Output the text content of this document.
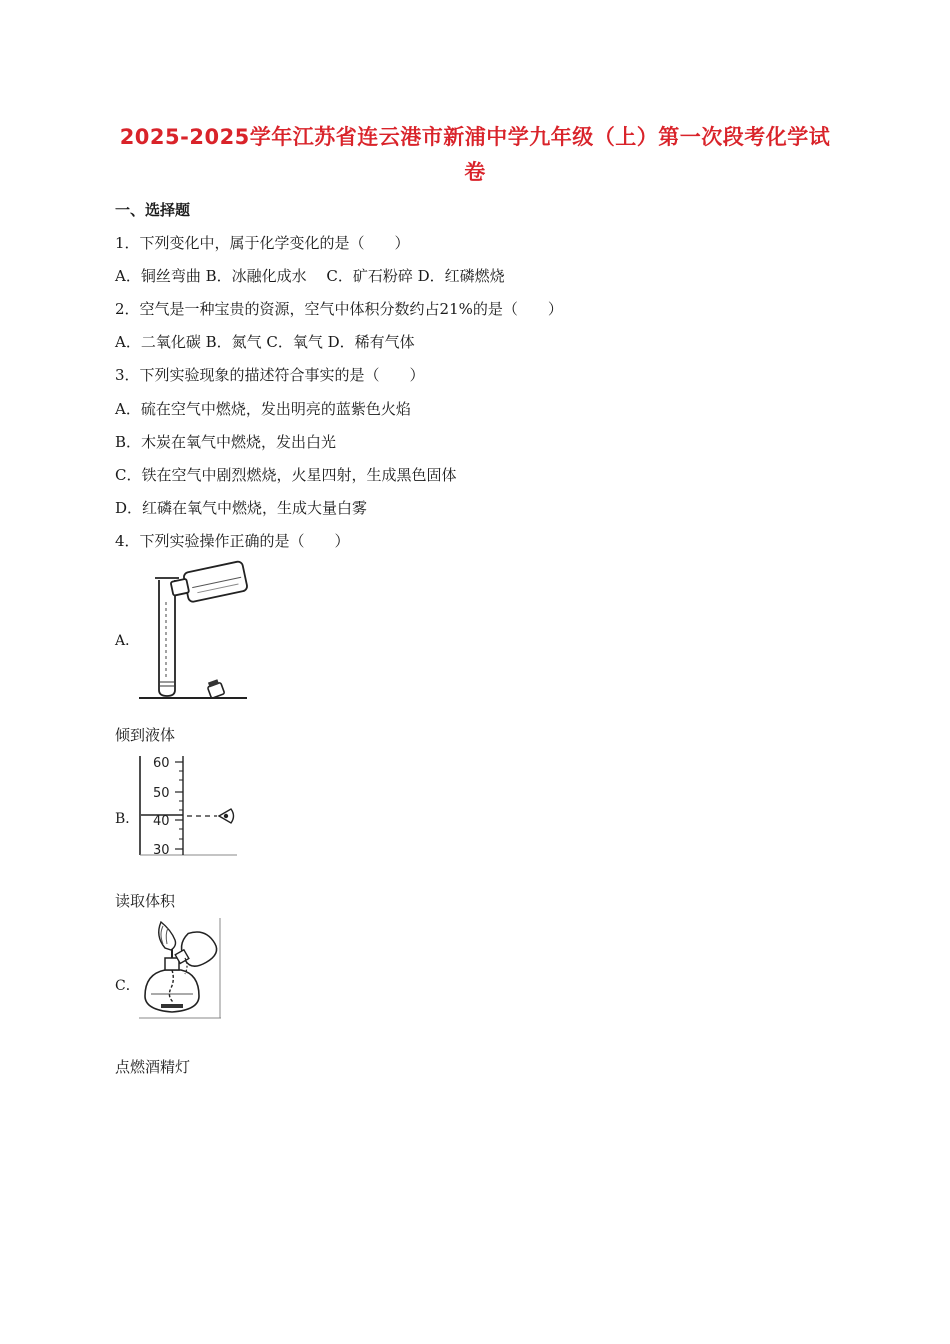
2025-2025学年江苏省连云港市新浦中学九年级（上）第一次段考化学试卷
一、选择题
1．下列变化中，属于化学变化的是（　　）
A．铜丝弯曲 B．冰融化成水　 C．矿石粉碎 D．红磷燃烧
2．空气是一种宝贵的资源，空气中体积分数约占21%的是（　　）
A．二氧化碳 B．氮气 C．氧气 D．稀有气体
3．下列实验现象的描述符合事实的是（　　）
A．硫在空气中燃烧，发出明亮的蓝紫色火焰
B．木炭在氧气中燃烧，发出白光
C．铁在空气中剧烈燃烧，火星四射，生成黑色固体
D．红磷在氧气中燃烧，生成大量白雾
4．下列实验操作正确的是（　　）
A．
倾到液体
B．
60
50
40
30
读取体积
C．
点燃酒精灯
